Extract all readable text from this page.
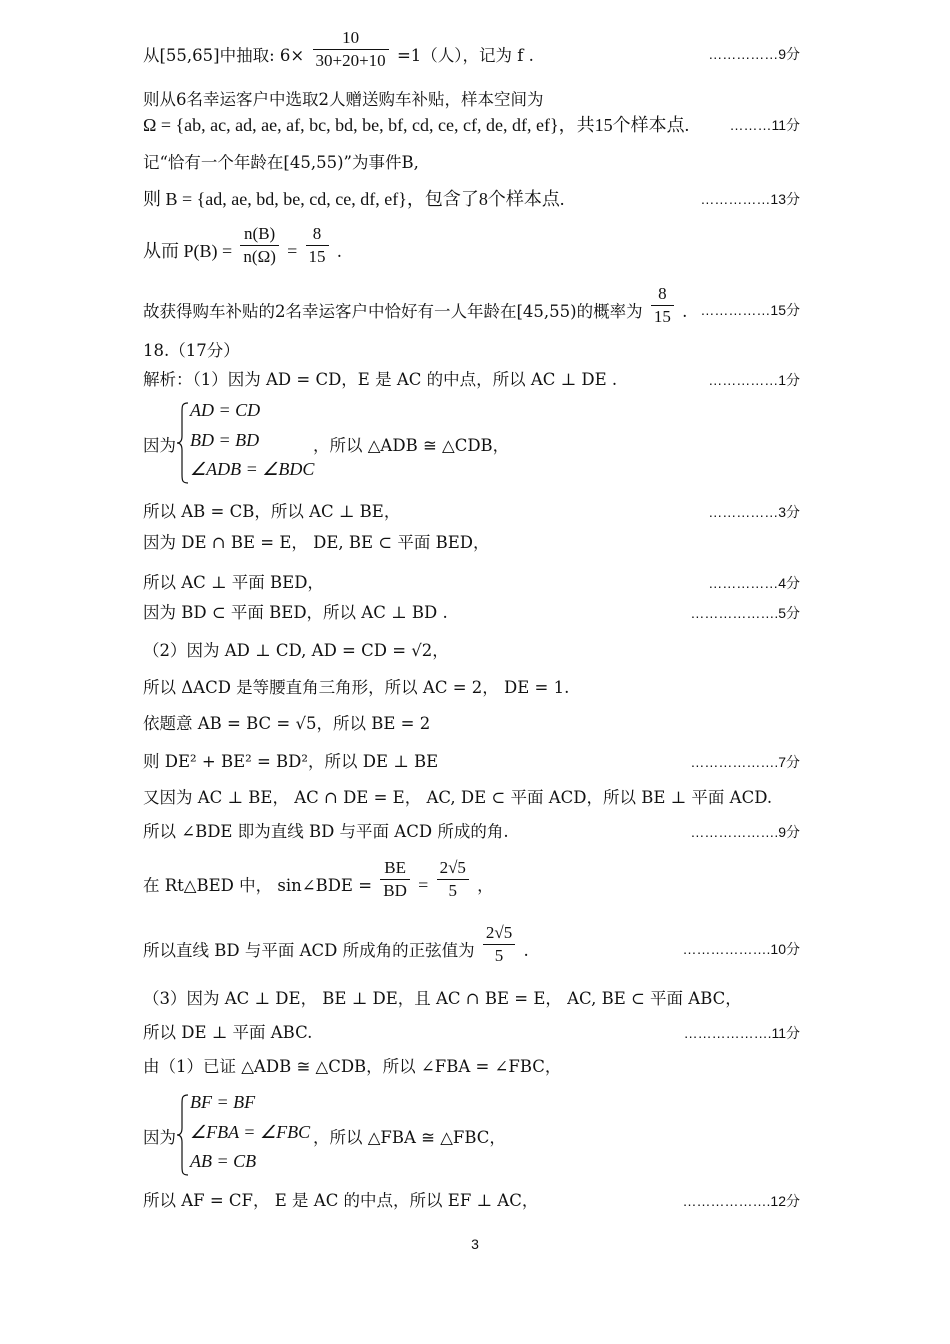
从[55,65]中抽取: $6\times \frac{10}{30+20+10} =1$（人），记为 f .	……………9分
则从6名幸运客户中选取2人赠送购车补贴，样本空间为
Ω = {ab, ac, ad, ae, af, bc, bd, be, bf, cd, ce, cf, de, df, ef}，共15个样本点.	………11分
记“恰有一个年龄在[45,55)”为事件B,
则 B = {ad, ae, bd, be, cd, ce, df, ef}，包含了8个样本点.	……………13分
从而 $P(B) = \frac{n(B)}{n(\Omega)} = \frac{8}{15}$ .
故获得购车补贴的2名幸运客户中恰好有一人年龄在[45,55)的概率为 $\frac{8}{15}$ . ……………15分
18.（17分）
解析：（1）因为 AD = CD，E 是 AC 的中点，所以 AC ⊥ DE .	……………1分
因为
AD = CD
BD = BD
∠ADB = ∠BDC
，所以 △ADB ≅ △CDB，
所以 AB = CB，所以 AC ⊥ BE，	……………3分
因为 DE ∩ BE = E， DE, BE ⊂ 平面 BED，
所以 AC ⊥ 平面 BED，	……………4分
因为 BD ⊂ 平面 BED，所以 AC ⊥ BD .	……………….5分
（2）因为 AD ⊥ CD, AD = CD = √2，
所以 ΔACD 是等腰直角三角形，所以 AC = 2， DE = 1.
依题意 AB = BC = √5，所以 BE = 2
则 DE² + BE² = BD²，所以 DE ⊥ BE	……………….7分
又因为 AC ⊥ BE， AC ∩ DE = E， AC, DE ⊂ 平面 ACD，所以 BE ⊥ 平面 ACD.
所以 ∠BDE 即为直线 BD 与平面 ACD 所成的角.	……………….9分
在 Rt△BED 中， sin∠BDE = $\frac{BE}{BD} = \frac{2√5}{5}$ ，
所以直线 BD 与平面 ACD 所成角的正弦值为 $\frac{2√5}{5}$ .	……………….10分
（3）因为 AC ⊥ DE， BE ⊥ DE，且 AC ∩ BE = E， AC, BE ⊂ 平面 ABC，
所以 DE ⊥ 平面 ABC.	……………….11分
由（1）已证 △ADB ≅ △CDB，所以 ∠FBA = ∠FBC，
因为
BF = BF
∠FBA = ∠FBC
AB = CB
，所以 △FBA ≅ △FBC，
所以 AF = CF， E 是 AC 的中点，所以 EF ⊥ AC，	……………….12分
3
